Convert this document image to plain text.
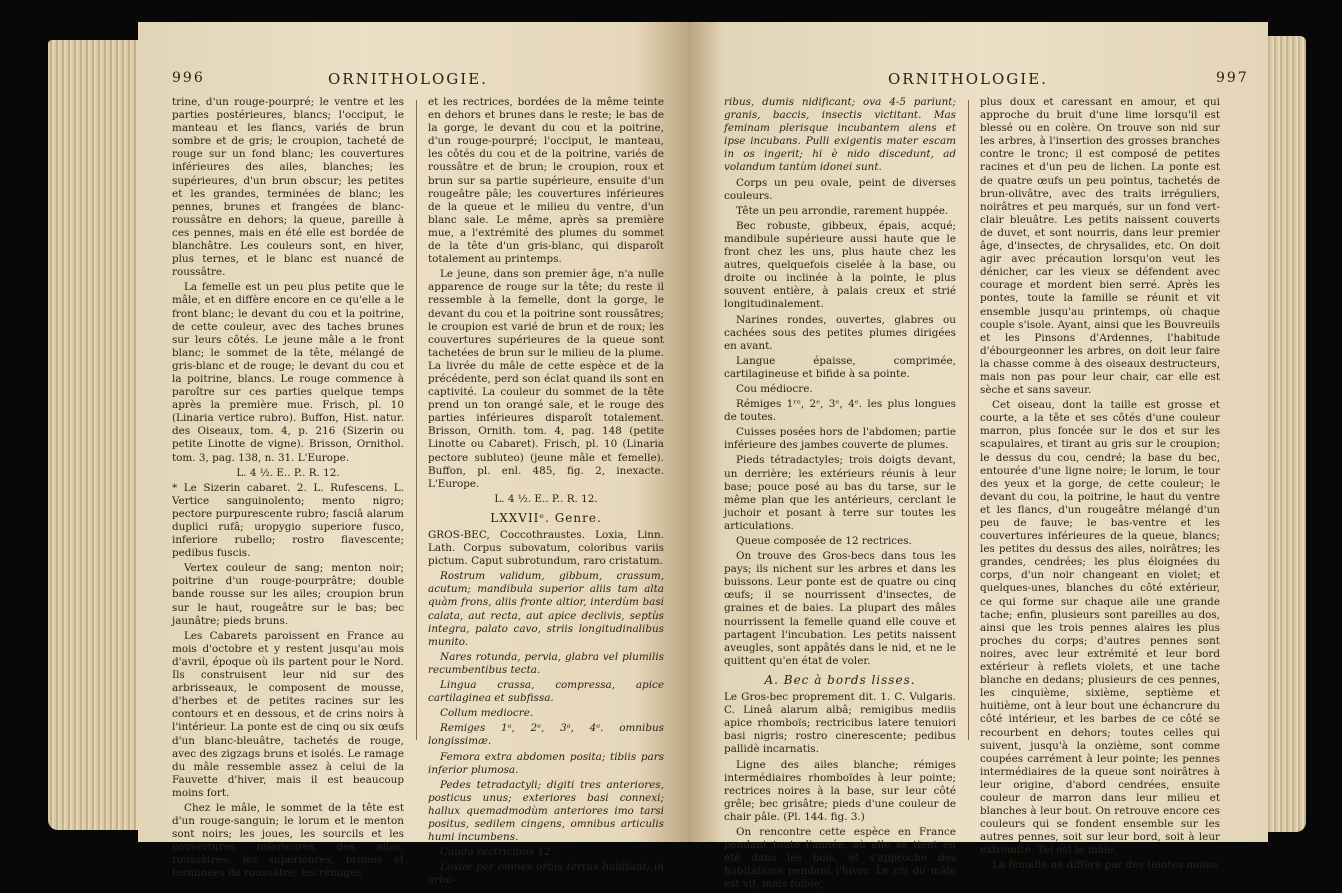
996	ORNITHOLOGIE.

trine, d'un rouge-pourpré; le ventre et les parties postérieures, blancs; l'occiput, le manteau et les flancs, variés de brun sombre et de gris; le croupion, tacheté de rouge sur un fond blanc; les couvertures inférieures des ailes, blanches; les supérieures, d'un brun obscur; les petites et les grandes, terminées de blanc; les pennes, brunes et frangées de blanc-roussâtre en dehors; la queue, pareille à ces pennes, mais en été elle est bordée de blanchâtre. Les couleurs sont, en hiver, plus ternes, et le blanc est nuancé de roussâtre.

La femelle est un peu plus petite que le mâle, et en diffère encore en ce qu'elle a le front blanc; le devant du cou et la poitrine, de cette couleur, avec des taches brunes sur leurs côtés. Le jeune mâle a le front blanc; le sommet de la tête, mélangé de gris-blanc et de rouge; le devant du cou et la poitrine, blancs. Le rouge commence à paroître sur ces parties quelque temps après la première mue. Frisch, pl. 10 (Linaria vertice rubro). Buffon, Hist. natur. des Oiseaux, tom. 4, p. 216 (Sizerin ou petite Linotte de vigne). Brisson, Ornithol. tom. 3, pag. 138, n. 31. L'Europe.

L. 4 ½. E.. P.. R. 12.

* Le Sizerin cabaret. 2. L. Rufescens. L. Vertice sanguinolento; mento nigro; pectore purpurescente rubro; fasciâ alarum duplici rufâ; uropygio superiore fusco, inferiore rubello; rostro flavescente; pedibus fuscis.

Vertex couleur de sang; menton noir; poitrine d'un rouge-pourprâtre; double bande rousse sur les ailes; croupion brun sur le haut, rougeâtre sur le bas; bec jaunâtre; pieds bruns.

Les Cabarets paroissent en France au mois d'octobre et y restent jusqu'au mois d'avril, époque où ils partent pour le Nord. Ils construisent leur nid sur des arbrisseaux, le composent de mousse, d'herbes et de petites racines sur les contours et en dessous, et de crins noirs à l'intérieur. La ponte est de cinq ou six œufs d'un blanc-bleuâtre, tachetés de rouge, avec des zigzags bruns et isolés. Le ramage du mâle ressemble assez à celui de la Fauvette d'hiver, mais il est beaucoup moins fort.

Chez le mâle, le sommet de la tête est d'un rouge-sanguin; le lorum et le menton sont noirs; les joues, les sourcils et les couvertures inférieures des ailes, roussâtres; les supérieures, brunes et terminées de roussâtre; les rémiges

et les rectrices, bordées de la même teinte en dehors et brunes dans le reste; le bas de la gorge, le devant du cou et la poitrine, d'un rouge-pourpré; l'occiput, le manteau, les côtés du cou et de la poitrine, variés de roussâtre et de brun; le croupion, roux et brun sur sa partie supérieure, ensuite d'un rougeâtre pâle; les couvertures inférieures de la queue et le milieu du ventre, d'un blanc sale. Le même, après sa première mue, a l'extrémité des plumes du sommet de la tête d'un gris-blanc, qui disparoît totalement au printemps.

Le jeune, dans son premier âge, n'a nulle apparence de rouge sur la tête; du reste il ressemble à la femelle, dont la gorge, le devant du cou et la poitrine sont roussâtres; le croupion est varié de brun et de roux; les couvertures supérieures de la queue sont tachetées de brun sur le milieu de la plume. La livrée du mâle de cette espèce et de la précédente, perd son éclat quand ils sont en captivité. La couleur du sommet de la tête prend un ton orangé sale, et le rouge des parties inférieures disparoît totalement. Brisson, Ornith. tom. 4, pag. 148 (petite Linotte ou Cabaret). Frisch, pl. 10 (Linaria pectore subluteo) (jeune mâle et femelle). Buffon, pl. enl. 485, fig. 2, inexacte. L'Europe.

L. 4 ½. E.. P.. R. 12.

LXXVIIᵉ. Genre.

GROS-BEC, Coccothraustes. Loxia, Linn. Lath. Corpus subovatum, coloribus variis pictum. Caput subrotundum, raro cristatum.

Rostrum validum, gibbum, crassum, acutum; mandibula superior aliis tam alta quàm frons, aliis fronte altior, interdùm basi calata, aut recta, aut apice declivis, septùs integra, palato cavo, striis longitudinalibus munito.

Nares rotunda, pervia, glabra vel plumilis recumbentibus tecta.

Lingua crassa, compressa, apice cartilaginea et subfissa.

Collum mediocre.

Remiges 1ᵃ, 2ᵃ, 3ᵃ, 4ᵃ. omnibus longissimæ.

Femora extra abdomen posita; tibiis pars inferior plumosa.

Pedes tetradactyli; digiti tres anteriores, posticus unus; exteriores basi connexi; hallux quemadmodùm anteriores imo tarsi positus, sedilem cingens, omnibus articulis humi incumbens.

Cauda rectricibus 12.

Loxiæ per omnes orbis terras habitant; in arbo-

ORNITHOLOGIE.	997

ribus, dumis nidificant; ova 4-5 pariunt; granis, baccis, insectis victitant. Mas feminam plerisque incubantem alens et ipse incubans. Pulli exigentis mater escam in os ingerit; hi è nido discedunt, ad volandum tantùm idonei sunt.

Corps un peu ovale, peint de diverses couleurs.

Tête un peu arrondie, rarement huppée.

Bec robuste, gibbeux, épais, acqué; mandibule supérieure aussi haute que le front chez les uns, plus haute chez les autres, quelquefois ciselée à la base, ou droite ou inclinée à la pointe, le plus souvent entière, à palais creux et strié longitudinalement.

Narines rondes, ouvertes, glabres ou cachées sous des petites plumes dirigées en avant.

Langue épaisse, comprimée, cartilagineuse et bifide à sa pointe.

Cou médiocre.

Rémiges 1ʳᵉ, 2ᵉ, 3ᵉ, 4ᵉ. les plus longues de toutes.

Cuisses posées hors de l'abdomen; partie inférieure des jambes couverte de plumes.

Pieds tétradactyles; trois doigts devant, un derrière; les extérieurs réunis à leur base; pouce posé au bas du tarse, sur le même plan que les antérieurs, cerclant le juchoir et posant à terre sur toutes les articulations.

Queue composée de 12 rectrices.

On trouve des Gros-becs dans tous les pays; ils nichent sur les arbres et dans les buissons. Leur ponte est de quatre ou cinq œufs; il se nourrissent d'insectes, de graines et de baies. La plupart des mâles nourrissent la femelle quand elle couve et partagent l'incubation. Les petits naissent aveugles, sont appâtés dans le nid, et ne le quittent qu'en état de voler.

A. Bec à bords lisses.

Le Gros-bec proprement dit. 1. C. Vulgaris. C. Lineâ alarum albâ; remigibus mediis apice rhomboïs; rectricibus latere tenuiori basi nigris; rostro cinerescente; pedibus pallidè incarnatis.

Ligne des ailes blanche; rémiges intermédiaires rhomboïdes à leur pointe; rectrices noires à la base, sur leur côté grêle; bec grisâtre; pieds d'une couleur de chair pâle. (Pl. 144. fig. 3.)

On rencontre cette espèce en France pendant toute l'année, où elle se tient en été dans les bois, et s'approche des habitations pendant l'hiver. Le cri du mâle est vif, mais foible,

plus doux et caressant en amour, et qui approche du bruit d'une lime lorsqu'il est blessé ou en colère. On trouve son nid sur les arbres, à l'insertion des grosses branches contre le tronc; il est composé de petites racines et d'un peu de lichen. La ponte est de quatre œufs un peu pointus, tachetés de brun-olivâtre, avec des traits irréguliers, noirâtres et peu marqués, sur un fond vert-clair bleuâtre. Les petits naissent couverts de duvet, et sont nourris, dans leur premier âge, d'insectes, de chrysalides, etc. On doit agir avec précaution lorsqu'on veut les dénicher, car les vieux se défendent avec courage et mordent bien serré. Après les pontes, toute la famille se réunit et vit ensemble jusqu'au printemps, où chaque couple s'isole. Ayant, ainsi que les Bouvreuils et les Pinsons d'Ardennes, l'habitude d'ébourgeonner les arbres, on doit leur faire la chasse comme à des oiseaux destructeurs, mais non pas pour leur chair, car elle est sèche et sans saveur.

Cet oiseau, dont la taille est grosse et courte, a la tête et ses côtés d'une couleur marron, plus foncée sur le dos et sur les scapulaires, et tirant au gris sur le croupion; le dessus du cou, cendré; la base du bec, entourée d'une ligne noire; le lorum, le tour des yeux et la gorge, de cette couleur; le devant du cou, la poitrine, le haut du ventre et les flancs, d'un rougeâtre mélangé d'un peu de fauve; le bas-ventre et les couvertures inférieures de la queue, blancs; les petites du dessus des ailes, noirâtres; les grandes, cendrées; les plus éloignées du corps, d'un noir changeant en violet; et quelques-unes, blanches du côté extérieur, ce qui forme sur chaque aile une grande tache; enfin, plusieurs sont pareilles au dos, ainsi que les trois pennes alaires les plus proches du corps; d'autres pennes sont noires, avec leur extrémité et leur bord extérieur à reflets violets, et une tache blanche en dedans; plusieurs de ces pennes, les cinquième, sixième, septième et huitième, ont à leur bout une échancrure du côté intérieur, et les barbes de ce côté se recourbent en dehors; toutes celles qui suivent, jusqu'à la onzième, sont comme coupées carrément à leur pointe; les pennes intermédiaires de la queue sont noirâtres à leur origine, d'abord cendrées, ensuite couleur de marron dans leur milieu et blanches à leur bout. On retrouve encore ces couleurs qui se fondent ensemble sur les autres pennes, soit sur leur bord, soit à leur extrémité. Tel est le mâle.

La femelle ne diffère par des teintes moins
